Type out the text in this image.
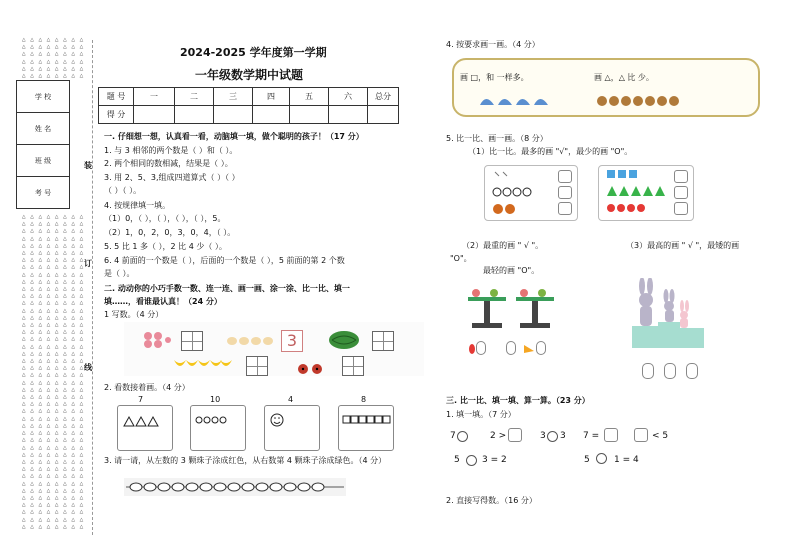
△ △ △ △ △ △ △ △
△ △ △ △ △ △ △ △
△ △ △ △ △ △ △ △
△ △ △ △ △ △ △ △
△ △ △ △ △ △ △ △
△ △ △ △ △ △ △ △
学 校
姓 名
班 级
考 号
△ △ △ △ △ △ △ △
△ △ △ △ △ △ △ △
△ △ △ △ △ △ △ △
△ △ △ △ △ △ △ △
△ △ △ △ △ △ △ △
△ △ △ △ △ △ △ △
△ △ △ △ △ △ △ △
△ △ △ △ △ △ △ △
△ △ △ △ △ △ △ △
△ △ △ △ △ △ △ △
△ △ △ △ △ △ △ △
△ △ △ △ △ △ △ △
△ △ △ △ △ △ △ △
△ △ △ △ △ △ △ △
△ △ △ △ △ △ △ △
△ △ △ △ △ △ △ △
△ △ △ △ △ △ △ △
△ △ △ △ △ △ △ △
△ △ △ △ △ △ △ △
△ △ △ △ △ △ △ △
△ △ △ △ △ △ △ △
△ △ △ △ △ △ △ △
△ △ △ △ △ △ △ △
△ △ △ △ △ △ △ △
△ △ △ △ △ △ △ △
△ △ △ △ △ △ △ △
△ △ △ △ △ △ △ △
△ △ △ △ △ △ △ △
△ △ △ △ △ △ △ △
△ △ △ △ △ △ △ △
△ △ △ △ △ △ △ △
△ △ △ △ △ △ △ △
△ △ △ △ △ △ △ △
△ △ △ △ △ △ △ △
△ △ △ △ △ △ △ △
△ △ △ △ △ △ △ △
△ △ △ △ △ △ △ △
△ △ △ △ △ △ △ △
△ △ △ △ △ △ △ △
△ △ △ △ △ △ △ △
△ △ △ △ △ △ △ △
△ △ △ △ △ △ △ △
△ △ △ △ △ △ △ △
△ △ △ △ △ △ △ △
装
订
线
2024-2025 学年度第一学期
一年级数学期中试题
题 号	一	二	三	四	五	六	总分
得 分							
一. 仔细想一想，认真看一看，动脑填一填，做个聪明的孩子！（17 分）
1. 与 3 相邻的两个数是（ ）和（ ）。
2. 两个相同的数相减，结果是（ ）。
3. 用 2、5、3,组成四道算式（ ）（ ）
（ ）（ ）。
4. 按规律填一填。
（1）0，（ ），（ ），（ ），（ ），5。
（2）1，0，2，0，3，0，4，（ ）。
5. 5 比 1 多（ ），2 比 4 少（ ）。
6. 4 前面的一个数是（ ），后面的一个数是（ ），5 前面的第 2 个数
是（ ）。
二. 动动你的小巧手数一数、连一连、画一画、涂一涂、比一比、填一
填……，看谁最认真！（24 分）
1 写数。（4 分）
3
2. 看数接着画。（4 分）
7	10	4	8
3. 请一请，从左数的 3 颗珠子涂成红色，从右数第 4 颗珠子涂成绿色。（4 分）
4. 按要求画一画。（4 分）
画 □，和 一样多。	画 △，△ 比 少。
5. 比一比、画一画。（8 分）
（1）比一比。最多的画 "√"，最少的画 "O"。
（2）最重的画 " √ "。	（3）最高的画 " √ "，最矮的画
"O"。
最轻的画 "O"。
三. 比一比、填一填、算一算。（23 分）
1. 填一填。（7 分）
7	2 >	3 3 7 =	< 5
5 3 = 2	5	1 = 4
2. 直接写得数。（16 分）
